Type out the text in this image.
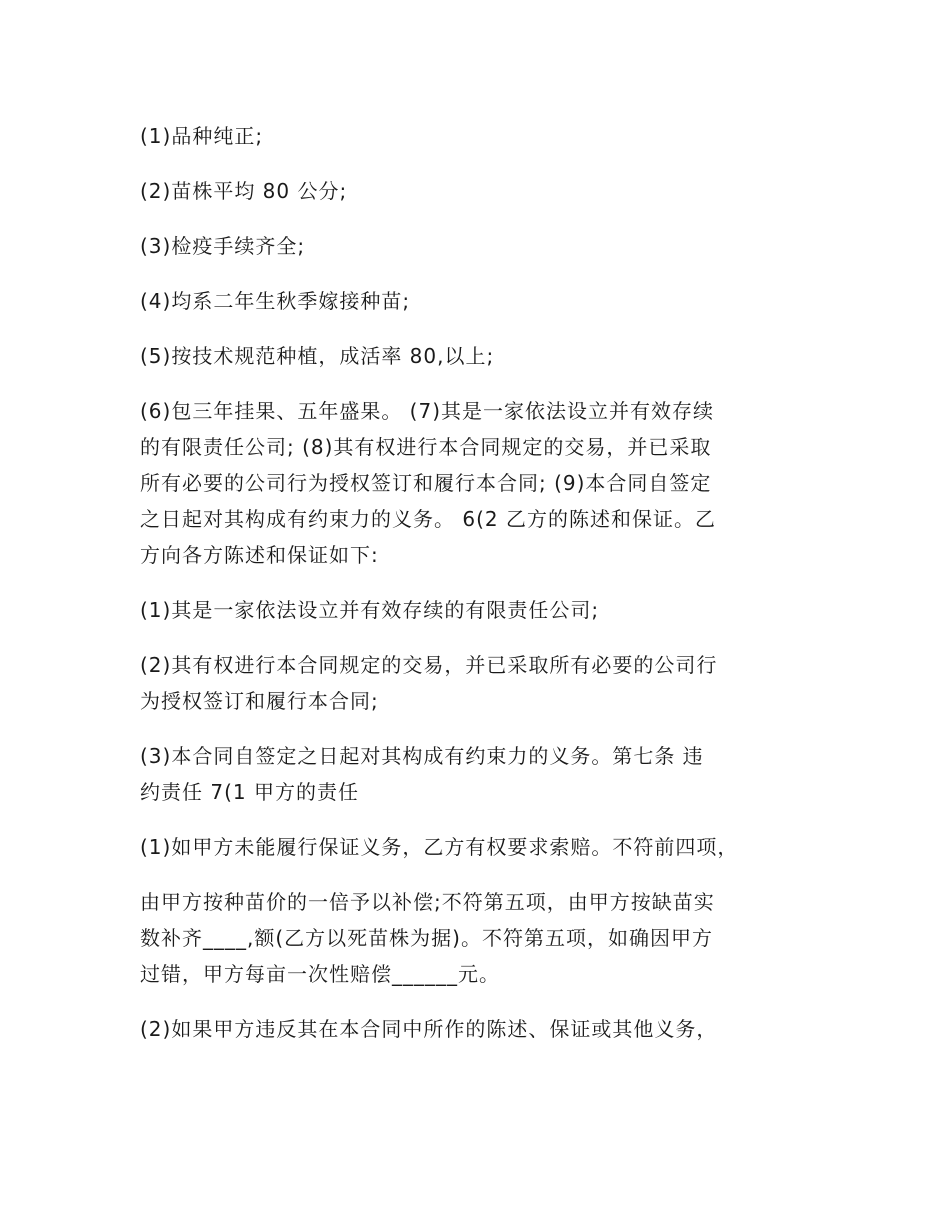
(1)品种纯正;

(2)苗株平均 80 公分;

(3)检疫手续齐全;

(4)均系二年生秋季嫁接种苗;

(5)按技术规范种植，成活率 80,以上;

(6)包三年挂果、五年盛果。 (7)其是一家依法设立并有效存续
的有限责任公司; (8)其有权进行本合同规定的交易，并已采取
所有必要的公司行为授权签订和履行本合同; (9)本合同自签定
之日起对其构成有约束力的义务。 6(2 乙方的陈述和保证。乙
方向各方陈述和保证如下:

(1)其是一家依法设立并有效存续的有限责任公司;

(2)其有权进行本合同规定的交易，并已采取所有必要的公司行
为授权签订和履行本合同;

(3)本合同自签定之日起对其构成有约束力的义务。第七条 违
约责任 7(1 甲方的责任

(1)如甲方未能履行保证义务，乙方有权要求索赔。不符前四项，

由甲方按种苗价的一倍予以补偿;不符第五项，由甲方按缺苗实
数补齐____,额(乙方以死苗株为据)。不符第五项，如确因甲方
过错，甲方每亩一次性赔偿______元。

(2)如果甲方违反其在本合同中所作的陈述、保证或其他义务，
